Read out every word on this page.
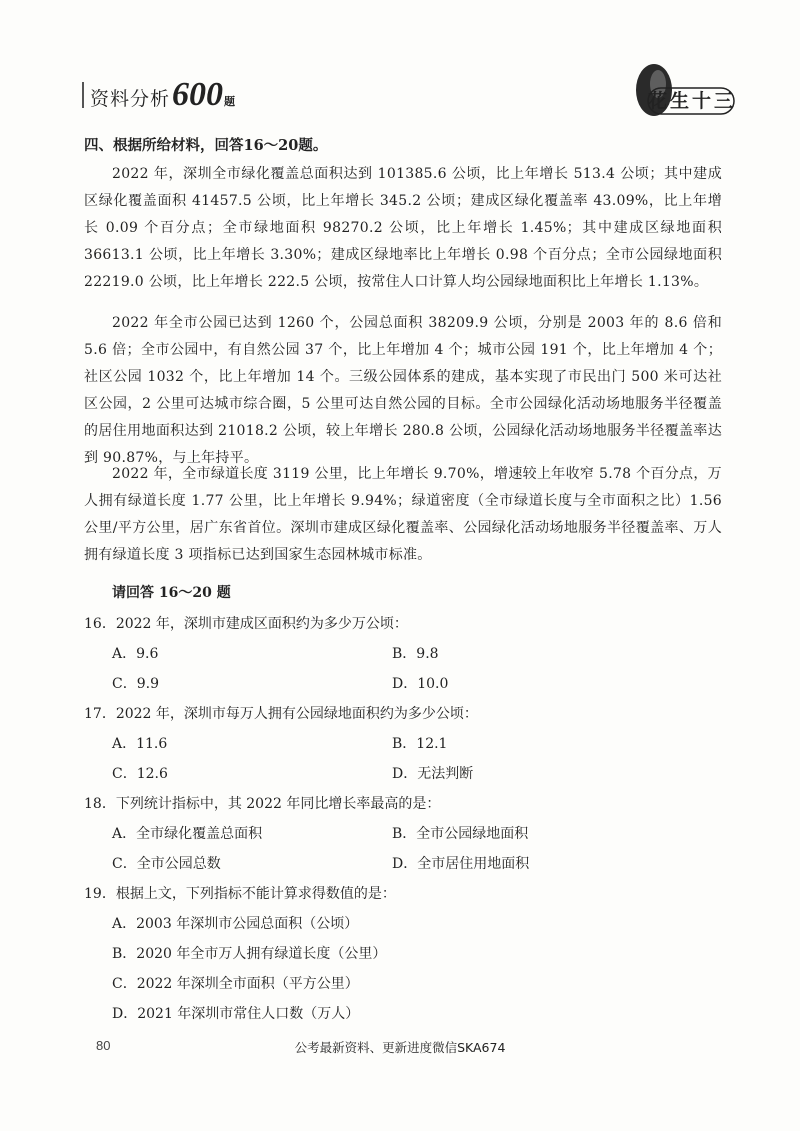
资料分析 600 题	花生十三
四、根据所给材料，回答16～20题。
2022 年，深圳全市绿化覆盖总面积达到 101385.6 公顷，比上年增长 513.4 公顷；其中建成区绿化覆盖面积 41457.5 公顷，比上年增长 345.2 公顷；建成区绿化覆盖率 43.09%，比上年增长 0.09 个百分点；全市绿地面积 98270.2 公顷，比上年增长 1.45%；其中建成区绿地面积 36613.1 公顷，比上年增长 3.30%；建成区绿地率比上年增长 0.98 个百分点；全市公园绿地面积 22219.0 公顷，比上年增长 222.5 公顷，按常住人口计算人均公园绿地面积比上年增长 1.13%。
2022 年全市公园已达到 1260 个，公园总面积 38209.9 公顷，分别是 2003 年的 8.6 倍和 5.6 倍；全市公园中，有自然公园 37 个，比上年增加 4 个；城市公园 191 个，比上年增加 4 个；社区公园 1032 个，比上年增加 14 个。三级公园体系的建成，基本实现了市民出门 500 米可达社区公园，2 公里可达城市综合圈，5 公里可达自然公园的目标。全市公园绿化活动场地服务半径覆盖的居住用地面积达到 21018.2 公顷，较上年增长 280.8 公顷，公园绿化活动场地服务半径覆盖率达到 90.87%，与上年持平。
2022 年，全市绿道长度 3119 公里，比上年增长 9.70%，增速较上年收窄 5.78 个百分点，万人拥有绿道长度 1.77 公里，比上年增长 9.94%；绿道密度（全市绿道长度与全市面积之比）1.56 公里/平方公里，居广东省首位。深圳市建成区绿化覆盖率、公园绿化活动场地服务半径覆盖率、万人拥有绿道长度 3 项指标已达到国家生态园林城市标准。
请回答 16～20 题
16．2022 年，深圳市建成区面积约为多少万公顷：
A．9.6	B．9.8
C．9.9	D．10.0
17．2022 年，深圳市每万人拥有公园绿地面积约为多少公顷：
A．11.6	B．12.1
C．12.6	D．无法判断
18．下列统计指标中，其 2022 年同比增长率最高的是：
A．全市绿化覆盖总面积	B．全市公园绿地面积
C．全市公园总数	D．全市居住用地面积
19．根据上文，下列指标不能计算求得数值的是：
A．2003 年深圳市公园总面积（公顷）
B．2020 年全市万人拥有绿道长度（公里）
C．2022 年深圳全市面积（平方公里）
D．2021 年深圳市常住人口数（万人）
公考最新资料、更新进度微信SKA674
80
